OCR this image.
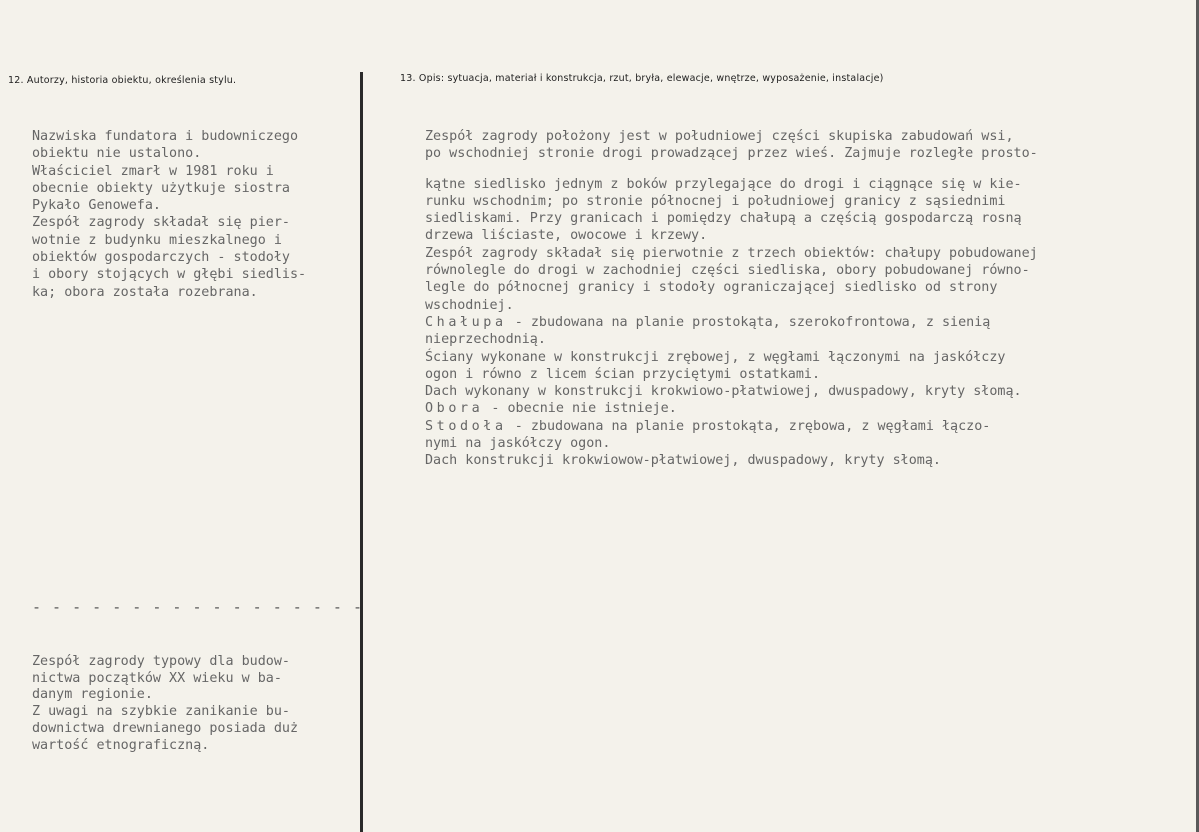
12. Autorzy, historia obiektu, określenia stylu.	13. Opis: sytuacja, materiał i konstrukcja, rzut, bryła, elewacje, wnętrze, wyposażenie, instalacje)
Nazwiska fundatora i budowniczego
obiektu nie ustalono.
Właściciel zmarł w 1981 roku i
obecnie obiekty użytkuje siostra
Pykało Genowefa.
Zespół zagrody składał się pier-
wotnie z budynku mieszkalnego i
obiektów gospodarczych - stodoły
i obory stojących w głębi siedlis-
ka; obora została rozebrana.
- - - - - - - - - - - - - - - - -
Zespół zagrody typowy dla budow-
nictwa początków XX wieku w ba-
danym regionie.
Z uwagi na szybkie zanikanie bu-
downictwa drewnianego posiada duż
wartość etnograficzną.
Zespół zagrody położony jest w południowej części skupiska zabudowań wsi,
po wschodniej stronie drogi prowadzącej przez wieś. Zajmuje rozległe prosto-
kątne siedlisko jednym z boków przylegające do drogi i ciągnące się w kie-
runku wschodnim; po stronie północnej i południowej granicy z sąsiednimi
siedliskami. Przy granicach i pomiędzy chałupą a częścią gospodarczą rosną
drzewa liściaste, owocowe i krzewy.
Zespół zagrody składał się pierwotnie z trzech obiektów: chałupy pobudowanej
równolegle do drogi w zachodniej części siedliska, obory pobudowanej równo-
legle do północnej granicy i stodoły ograniczającej siedlisko od strony
wschodniej.
Chałupa - zbudowana na planie prostokąta, szerokofrontowa, z sienią
nieprzechodnią.
Ściany wykonane w konstrukcji zrębowej, z węgłami łączonymi na jaskółczy
ogon i równo z licem ścian przyciętymi ostatkami.
Dach wykonany w konstrukcji krokwiowo-płatwiowej, dwuspadowy, kryty słomą.
Obora - obecnie nie istnieje.
Stodoła - zbudowana na planie prostokąta, zrębowa, z węgłami łączo-
nymi na jaskółczy ogon.
Dach konstrukcji krokwiowow-płatwiowej, dwuspadowy, kryty słomą.
